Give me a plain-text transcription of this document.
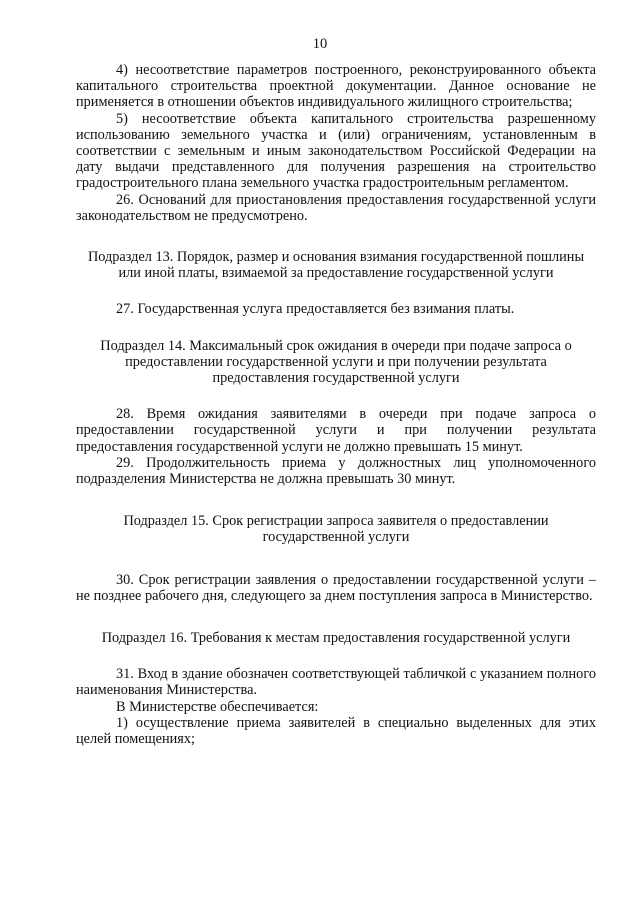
10

4) несоответствие параметров построенного, реконструированного объекта капитального строительства проектной документации. Данное основание не применяется в отношении объектов индивидуального жилищного строительства;

5) несоответствие объекта капитального строительства разрешенному использованию земельного участка и (или) ограничениям, установленным в соответствии с земельным и иным законодательством Российской Федерации на дату выдачи представленного для получения разрешения на строительство градостроительного плана земельного участка градостроительным регламентом.

26. Оснований для приостановления предоставления государственной услуги законодательством не предусмотрено.

Подраздел 13. Порядок, размер и основания взимания государственной пошлины или иной платы, взимаемой за предоставление государственной услуги

27. Государственная услуга предоставляется без взимания платы.

Подраздел 14. Максимальный срок ожидания в очереди при подаче запроса о предоставлении государственной услуги и при получении результата предоставления государственной услуги

28. Время ожидания заявителями в очереди при подаче запроса о предоставлении государственной услуги и при получении результата предоставления государственной услуги не должно превышать 15 минут.

29. Продолжительность приема у должностных лиц уполномоченного подразделения Министерства не должна превышать 30 минут.

Подраздел 15. Срок регистрации запроса заявителя о предоставлении государственной услуги

30. Срок регистрации заявления о предоставлении государственной услуги – не позднее рабочего дня, следующего за днем поступления запроса в Министерство.

Подраздел 16. Требования к местам предоставления государственной услуги

31. Вход в здание обозначен соответствующей табличкой с указанием полного наименования Министерства.

В Министерстве обеспечивается:

1) осуществление приема заявителей в специально выделенных для этих целей помещениях;
